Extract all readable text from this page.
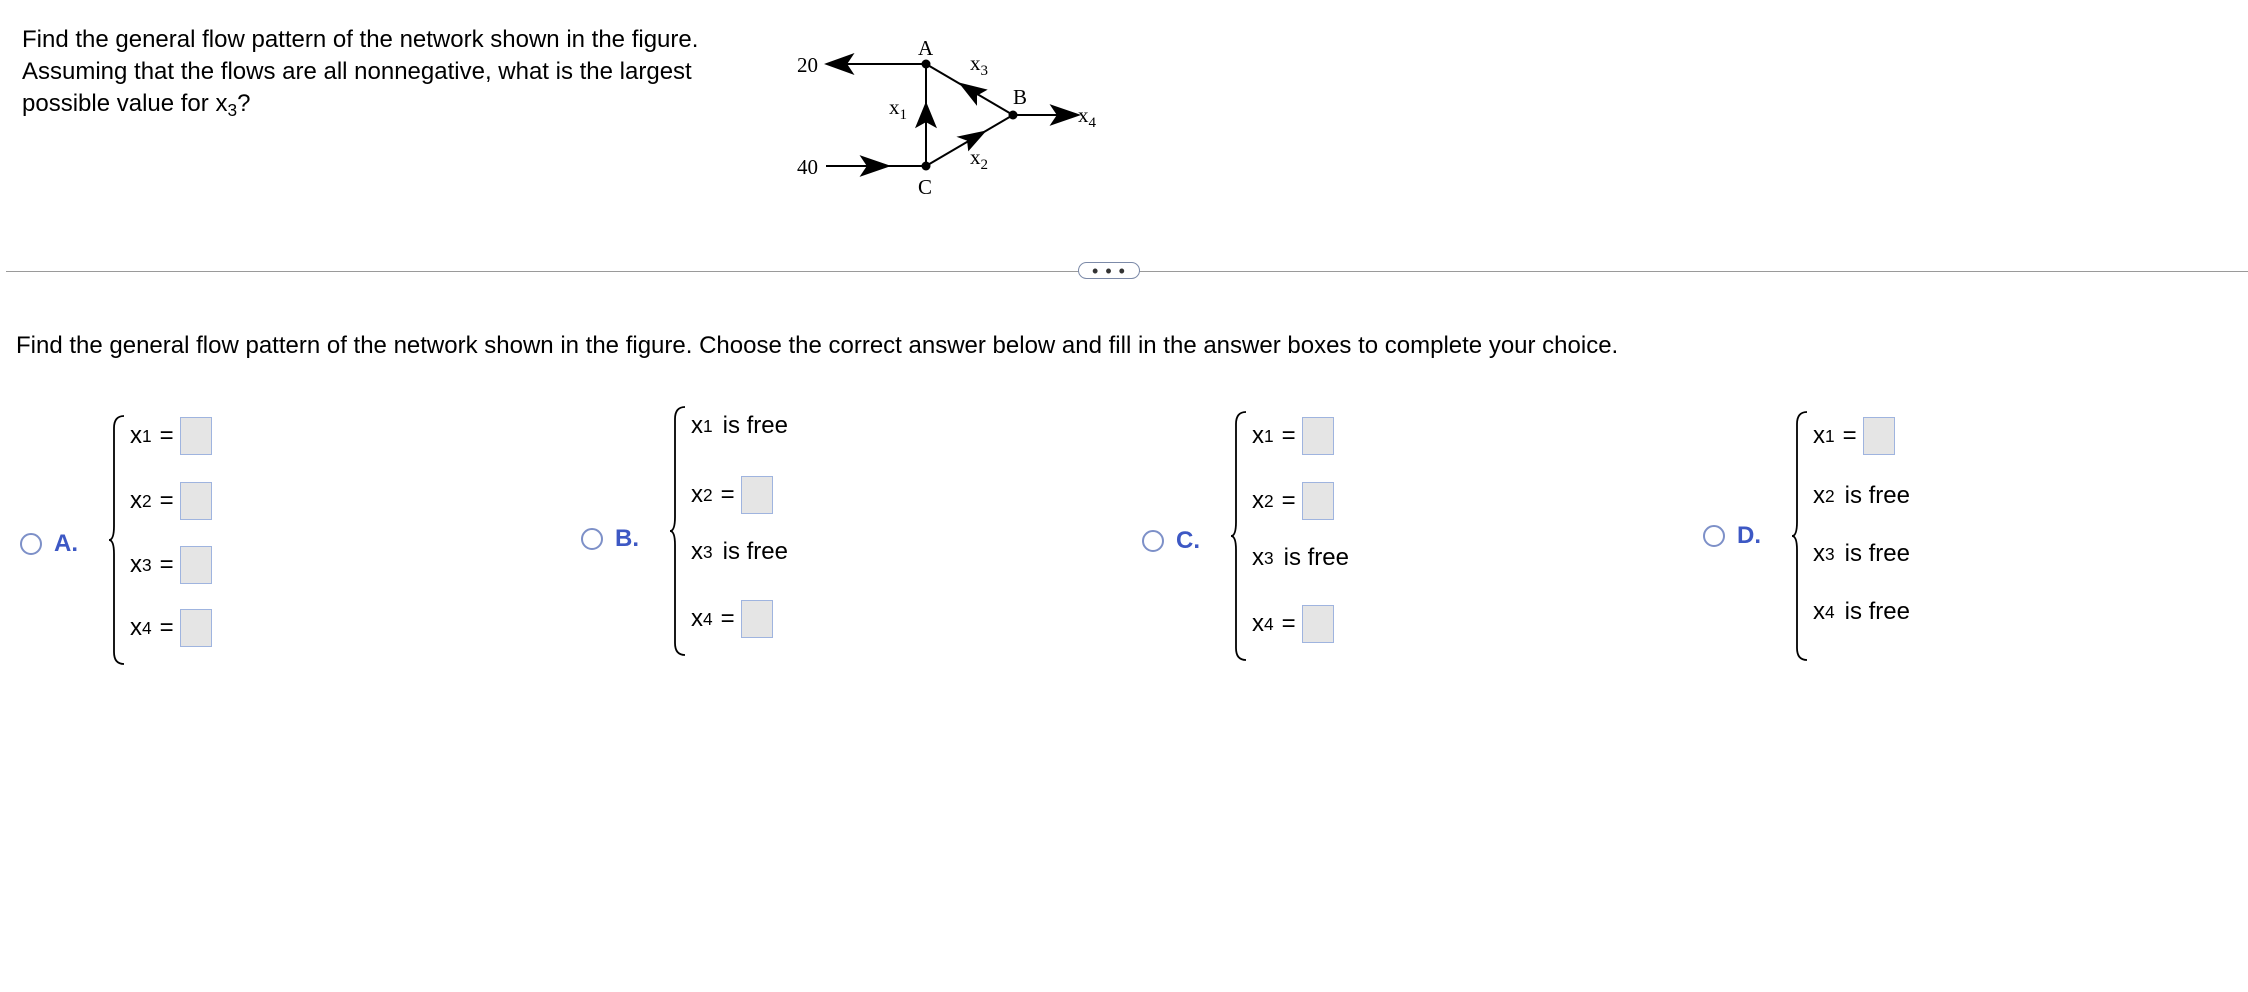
Find the general flow pattern of the network shown in the figure.
Assuming that the flows are all nonnegative, what is the largest
possible value for $x_3$?
A
B
C
20
40
$x_1$
$x_2$
$x_3$
$x_4$
• • •
Find the general flow pattern of the network shown in the figure. Choose the correct answer below and fill in the answer boxes to complete your choice.
A.
x 1 =
x 2 =
x 3 =
x 4 =
B.
x 1 is free
x 2 =
x 3 is free
x 4 =
C.
x 1 =
x 2 =
x 3 is free
x 4 =
D.
x 1 =
x 2 is free
x 3 is free
x 4 is free
